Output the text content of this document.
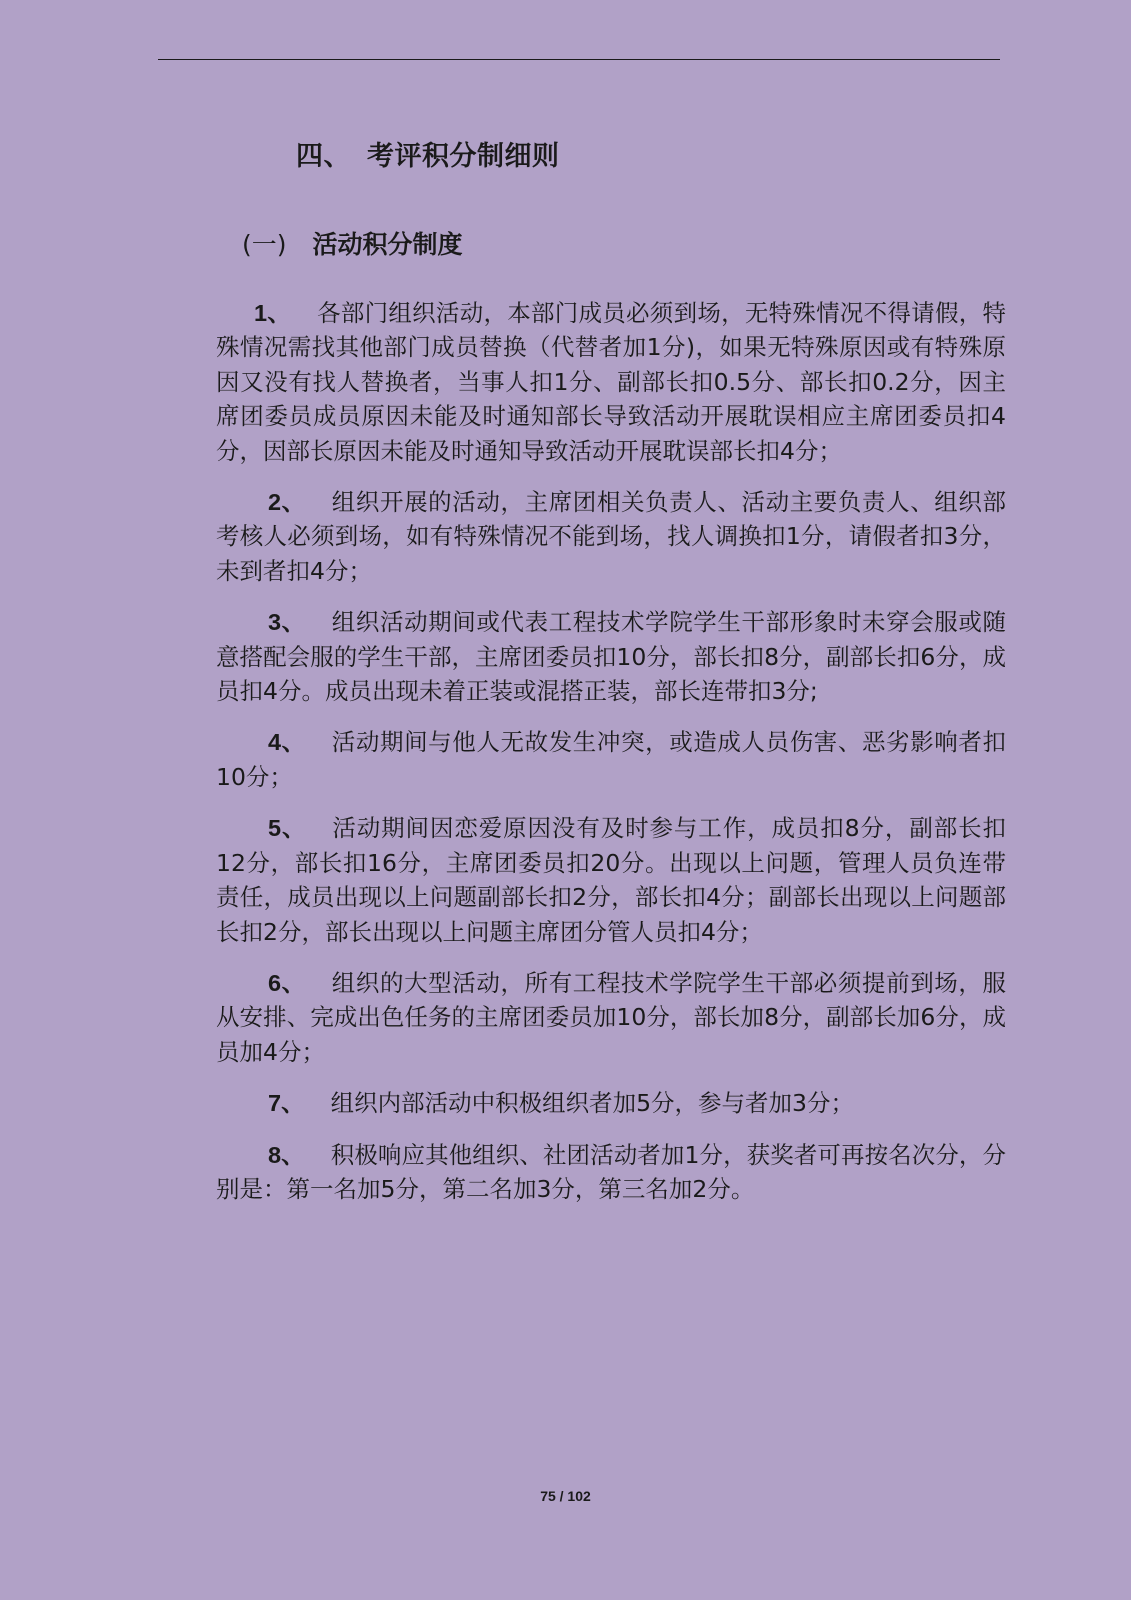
四、 考评积分制细则
(一) 活动积分制度

1、 各部门组织活动，本部门成员必须到场，无特殊情况不得请假，特殊情况需找其他部门成员替换（代替者加1分)，如果无特殊原因或有特殊原因又没有找人替换者，当事人扣1分、副部长扣0.5分、部长扣0.2分，因主席团委员成员原因未能及时通知部长导致活动开展耽误相应主席团委员扣4分，因部长原因未能及时通知导致活动开展耽误部长扣4分；

2、 组织开展的活动，主席团相关负责人、活动主要负责人、组织部考核人必须到场，如有特殊情况不能到场，找人调换扣1分，请假者扣3分，未到者扣4分；

3、 组织活动期间或代表工程技术学院学生干部形象时未穿会服或随意搭配会服的学生干部，主席团委员扣10分，部长扣8分，副部长扣6分，成员扣4分。成员出现未着正装或混搭正装，部长连带扣3分;

4、 活动期间与他人无故发生冲突，或造成人员伤害、恶劣影响者扣10分；

5、 活动期间因恋爱原因没有及时参与工作，成员扣8分，副部长扣12分，部长扣16分，主席团委员扣20分。出现以上问题，管理人员负连带责任，成员出现以上问题副部长扣2分，部长扣4分；副部长出现以上问题部长扣2分，部长出现以上问题主席团分管人员扣4分；

6、 组织的大型活动，所有工程技术学院学生干部必须提前到场，服从安排、完成出色任务的主席团委员加10分，部长加8分，副部长加6分，成员加4分；

7、 组织内部活动中积极组织者加5分，参与者加3分；

8、 积极响应其他组织、社团活动者加1分，获奖者可再按名次分，分别是：第一名加5分，第二名加3分，第三名加2分。

75 / 102
